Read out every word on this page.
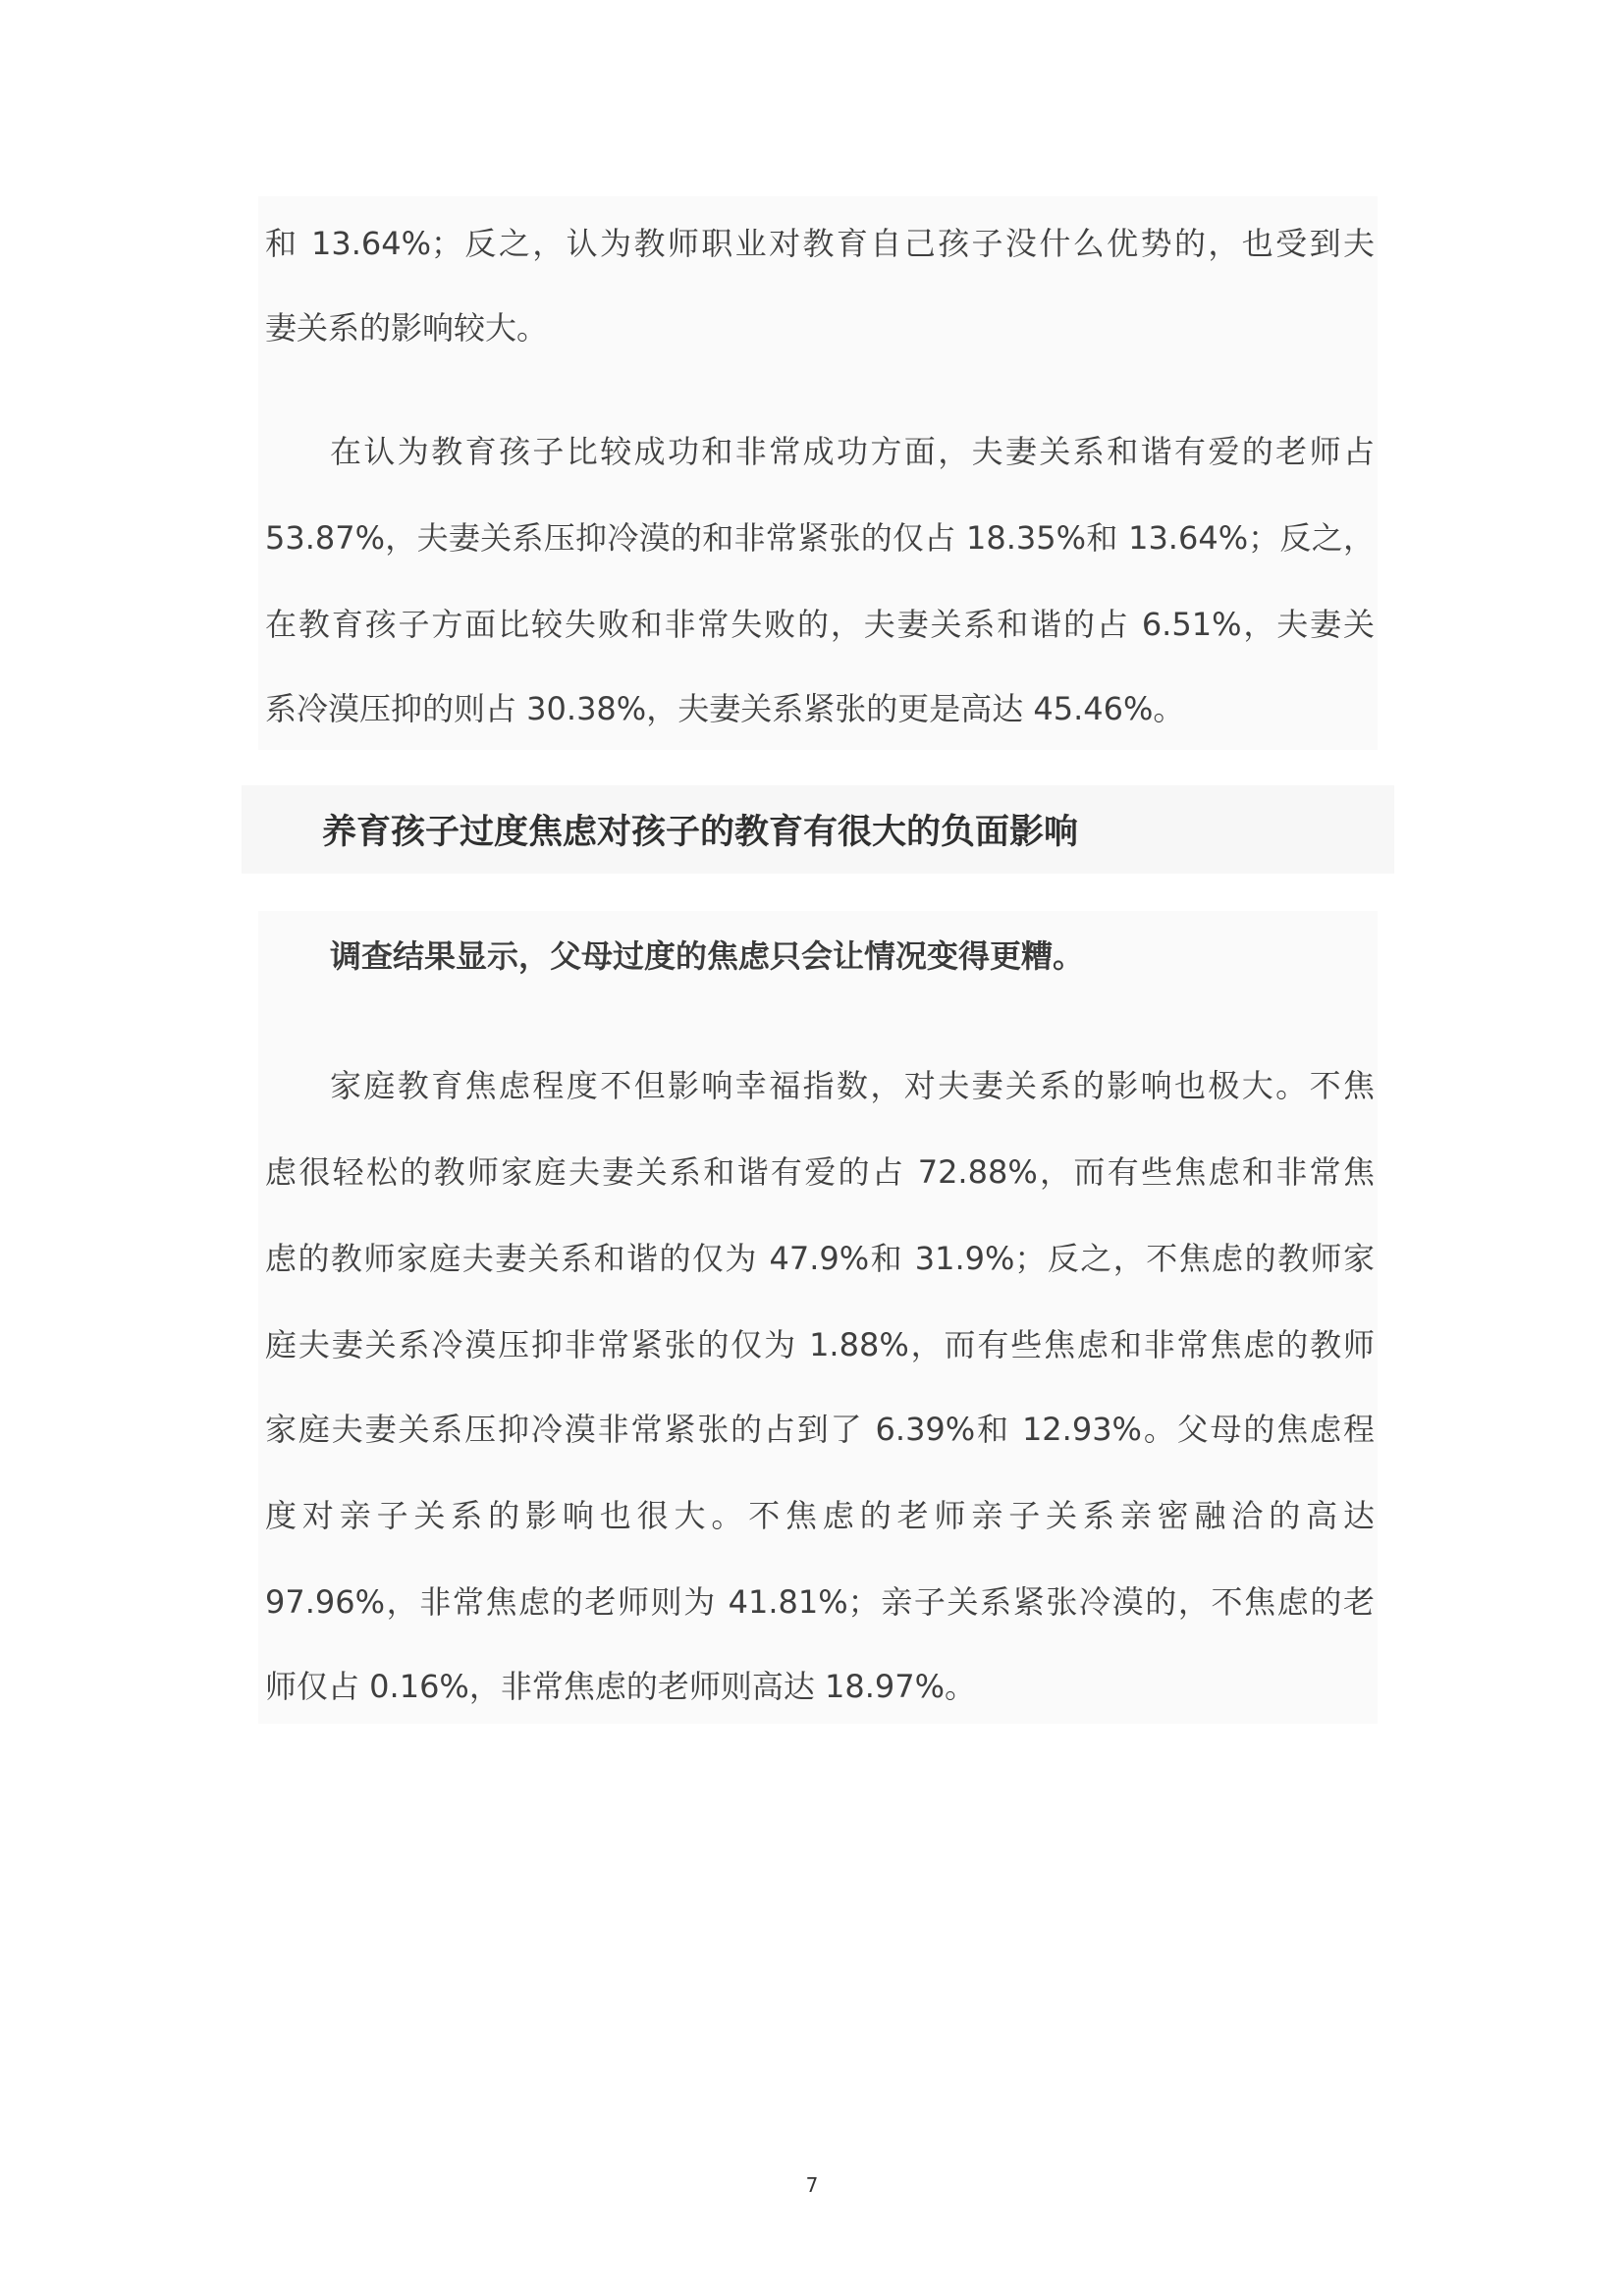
和 13.64%；反之，认为教师职业对教育自己孩子没什么优势的，也受到夫
妻关系的影响较大。
在认为教育孩子比较成功和非常成功方面，夫妻关系和谐有爱的老师占
53.87%，夫妻关系压抑冷漠的和非常紧张的仅占 18.35%和 13.64%；反之，
在教育孩子方面比较失败和非常失败的，夫妻关系和谐的占 6.51%，夫妻关
系冷漠压抑的则占 30.38%，夫妻关系紧张的更是高达 45.46%。
养育孩子过度焦虑对孩子的教育有很大的负面影响
调查结果显示，父母过度的焦虑只会让情况变得更糟。
家庭教育焦虑程度不但影响幸福指数，对夫妻关系的影响也极大。不焦
虑很轻松的教师家庭夫妻关系和谐有爱的占 72.88%，而有些焦虑和非常焦
虑的教师家庭夫妻关系和谐的仅为 47.9%和 31.9%；反之，不焦虑的教师家
庭夫妻关系冷漠压抑非常紧张的仅为 1.88%，而有些焦虑和非常焦虑的教师
家庭夫妻关系压抑冷漠非常紧张的占到了 6.39%和 12.93%。父母的焦虑程
度对亲子关系的影响也很大。不焦虑的老师亲子关系亲密融洽的高达
97.96%，非常焦虑的老师则为 41.81%；亲子关系紧张冷漠的，不焦虑的老
师仅占 0.16%，非常焦虑的老师则高达 18.97%。
7
